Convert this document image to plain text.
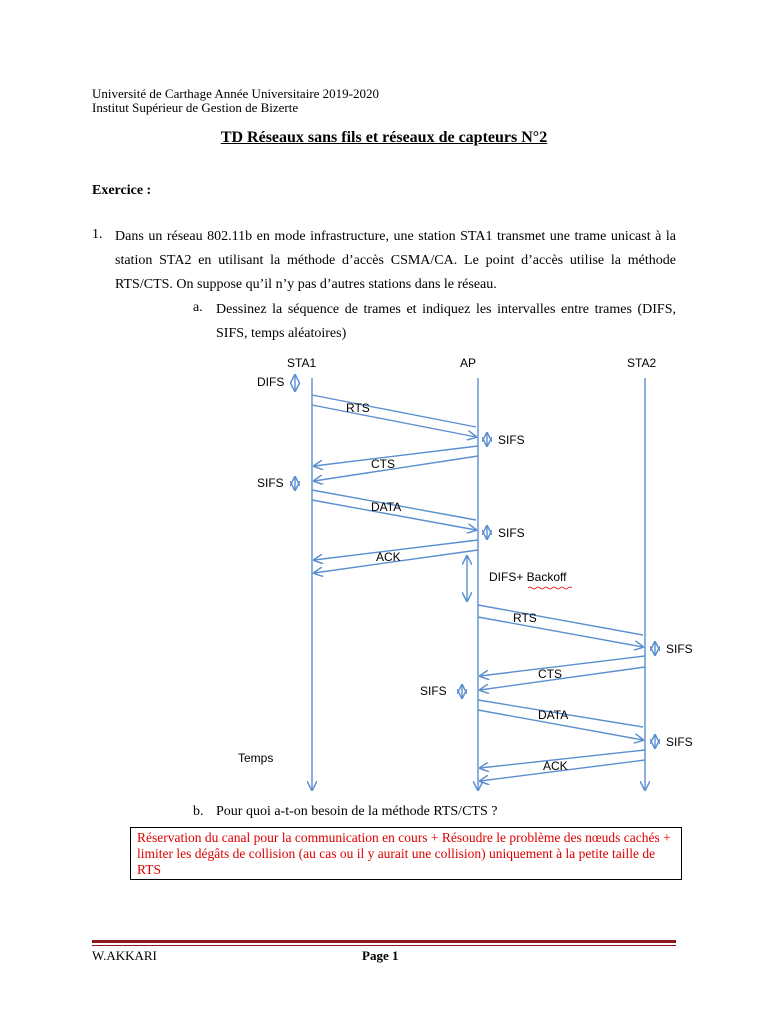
Université de Carthage Année Universitaire 2019-2020
Institut Supérieur de Gestion de Bizerte
TD Réseaux sans fils et réseaux de capteurs N°2
Exercice :
1. Dans un réseau 802.11b en mode infrastructure, une station STA1 transmet une trame unicast à la station STA2 en utilisant la méthode d’accès CSMA/CA. Le point d’accès utilise la méthode RTS/CTS. On suppose qu’il n’y pas d’autres stations dans le réseau.
a. Dessinez la séquence de trames et indiquez les intervalles entre trames (DIFS, SIFS, temps aléatoires)
STA1	AP	STA2
DIFS
RTS
SIFS
CTS
SIFS
DATA
SIFS
ACK
DIFS+ Backoff
RTS
SIFS
CTS
SIFS
DATA
SIFS
ACK
Temps
b. Pour quoi a-t-on besoin de la méthode RTS/CTS ?
Réservation du canal pour la communication en cours + Résoudre le problème des nœuds cachés + limiter les dégâts de collision (au cas ou il y aurait une collision) uniquement à la petite taille de RTS
W.AKKARI	Page 1
